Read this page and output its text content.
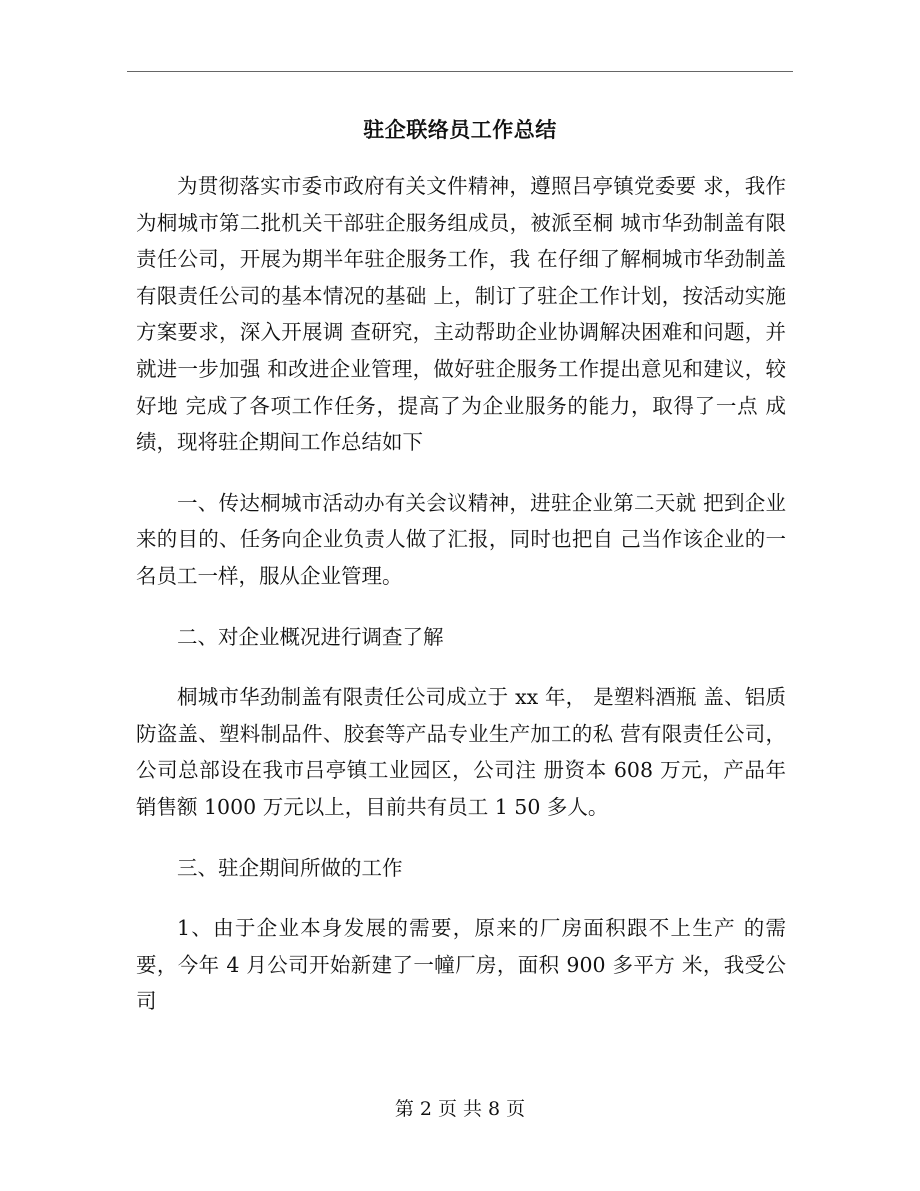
驻企联络员工作总结

为贯彻落实市委市政府有关文件精神，遵照吕亭镇党委要 求，我作为桐城市第二批机关干部驻企服务组成员，被派至桐 城市华劲制盖有限责任公司，开展为期半年驻企服务工作，我 在仔细了解桐城市华劲制盖有限责任公司的基本情况的基础 上，制订了驻企工作计划，按活动实施方案要求，深入开展调 查研究，主动帮助企业协调解决困难和问题，并就进一步加强 和改进企业管理，做好驻企服务工作提出意见和建议，较好地 完成了各项工作任务，提高了为企业服务的能力，取得了一点 成绩，现将驻企期间工作总结如下

一、传达桐城市活动办有关会议精神，进驻企业第二天就 把到企业来的目的、任务向企业负责人做了汇报，同时也把自 己当作该企业的一名员工一样，服从企业管理。

二、对企业概况进行调查了解

桐城市华劲制盖有限责任公司成立于 xx 年， 是塑料酒瓶 盖、铝质防盗盖、塑料制品件、胶套等产品专业生产加工的私 营有限责任公司，公司总部设在我市吕亭镇工业园区，公司注 册资本 608 万元，产品年销售额 1000 万元以上，目前共有员工 1 50 多人。

三、驻企期间所做的工作

1、由于企业本身发展的需要，原来的厂房面积跟不上生产 的需要，今年 4 月公司开始新建了一幢厂房，面积 900 多平方 米，我受公司

第 2 页 共 8 页
